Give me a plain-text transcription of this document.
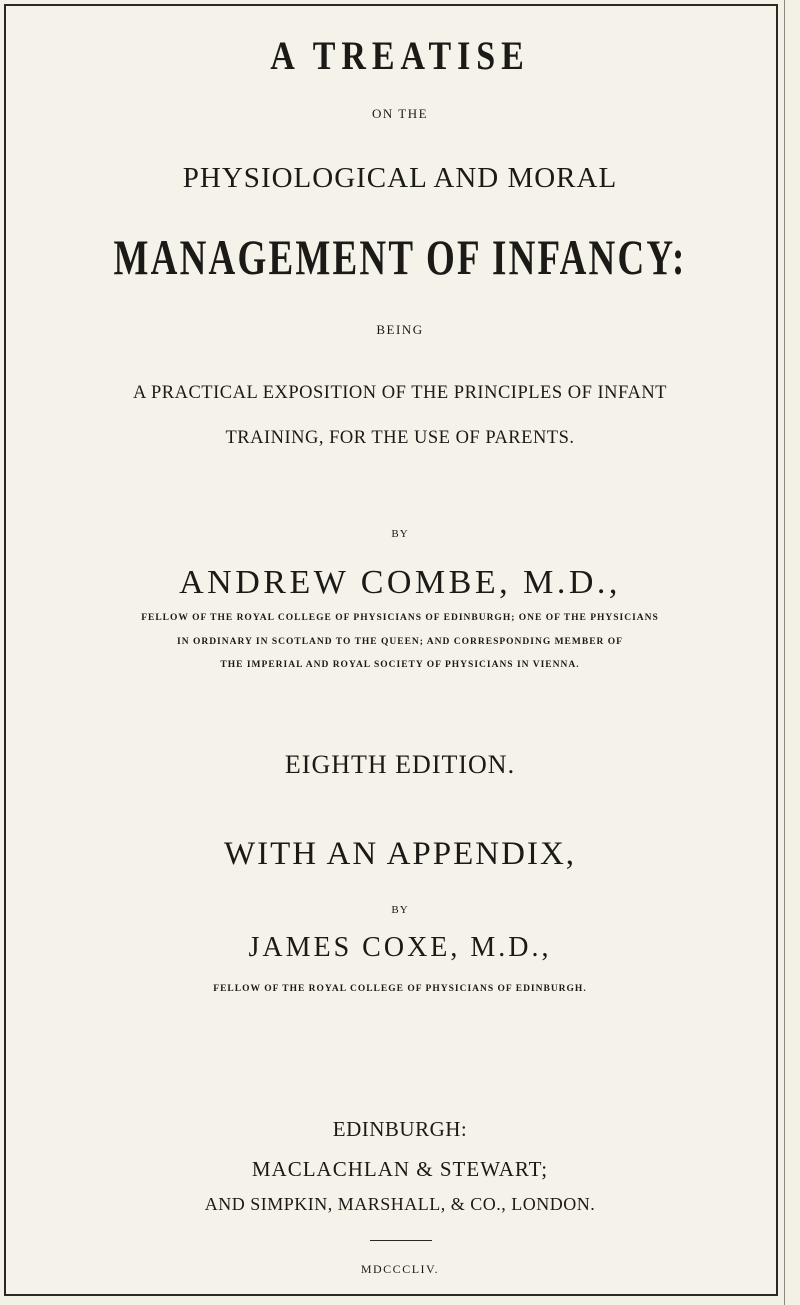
A TREATISE
ON THE
PHYSIOLOGICAL AND MORAL
MANAGEMENT OF INFANCY:
BEING
A PRACTICAL EXPOSITION OF THE PRINCIPLES OF INFANT
TRAINING, FOR THE USE OF PARENTS.
BY
ANDREW COMBE, M.D.,
FELLOW OF THE ROYAL COLLEGE OF PHYSICIANS OF EDINBURGH; ONE OF THE PHYSICIANS
IN ORDINARY IN SCOTLAND TO THE QUEEN; AND CORRESPONDING MEMBER OF
THE IMPERIAL AND ROYAL SOCIETY OF PHYSICIANS IN VIENNA.
EIGHTH EDITION.
WITH AN APPENDIX,
BY
JAMES COXE, M.D.,
FELLOW OF THE ROYAL COLLEGE OF PHYSICIANS OF EDINBURGH.
EDINBURGH:
MACLACHLAN & STEWART;
AND SIMPKIN, MARSHALL, & CO., LONDON.
MDCCCLIV.
